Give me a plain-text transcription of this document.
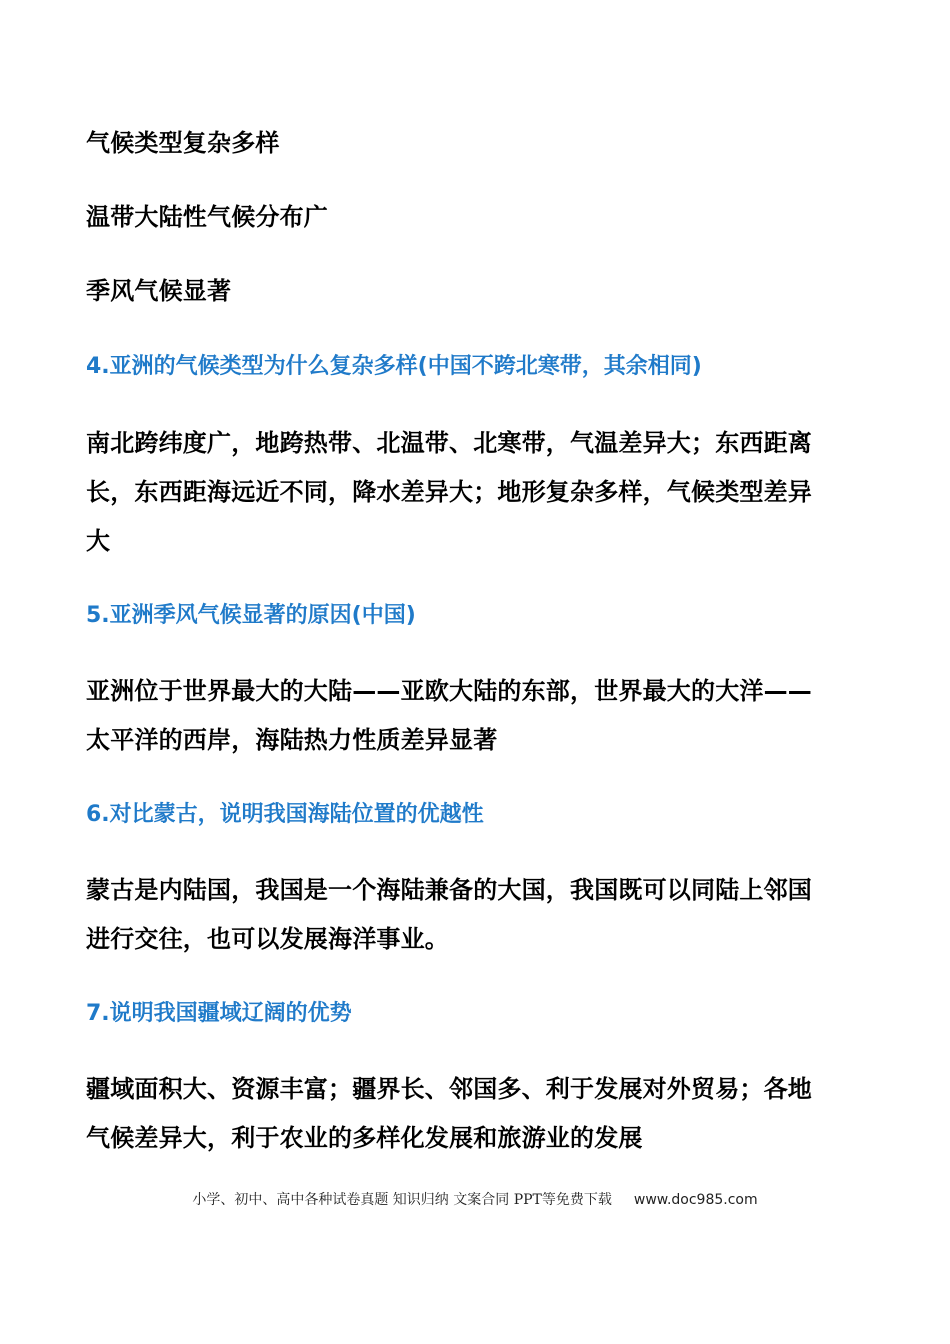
气候类型复杂多样
温带大陆性气候分布广
季风气候显著
4.亚洲的气候类型为什么复杂多样(中国不跨北寒带，其余相同)
南北跨纬度广，地跨热带、北温带、北寒带，气温差异大；东西距离
长，东西距海远近不同，降水差异大；地形复杂多样，气候类型差异
大
5.亚洲季风气候显著的原因(中国)
亚洲位于世界最大的大陆——亚欧大陆的东部，世界最大的大洋——
太平洋的西岸，海陆热力性质差异显著
6.对比蒙古，说明我国海陆位置的优越性
蒙古是内陆国，我国是一个海陆兼备的大国，我国既可以同陆上邻国
进行交往，也可以发展海洋事业。
7.说明我国疆域辽阔的优势
疆域面积大、资源丰富；疆界长、邻国多、利于发展对外贸易；各地
气候差异大，利于农业的多样化发展和旅游业的发展
小学、初中、高中各种试卷真题 知识归纳 文案合同 PPT等免费下载 www.doc985.com
